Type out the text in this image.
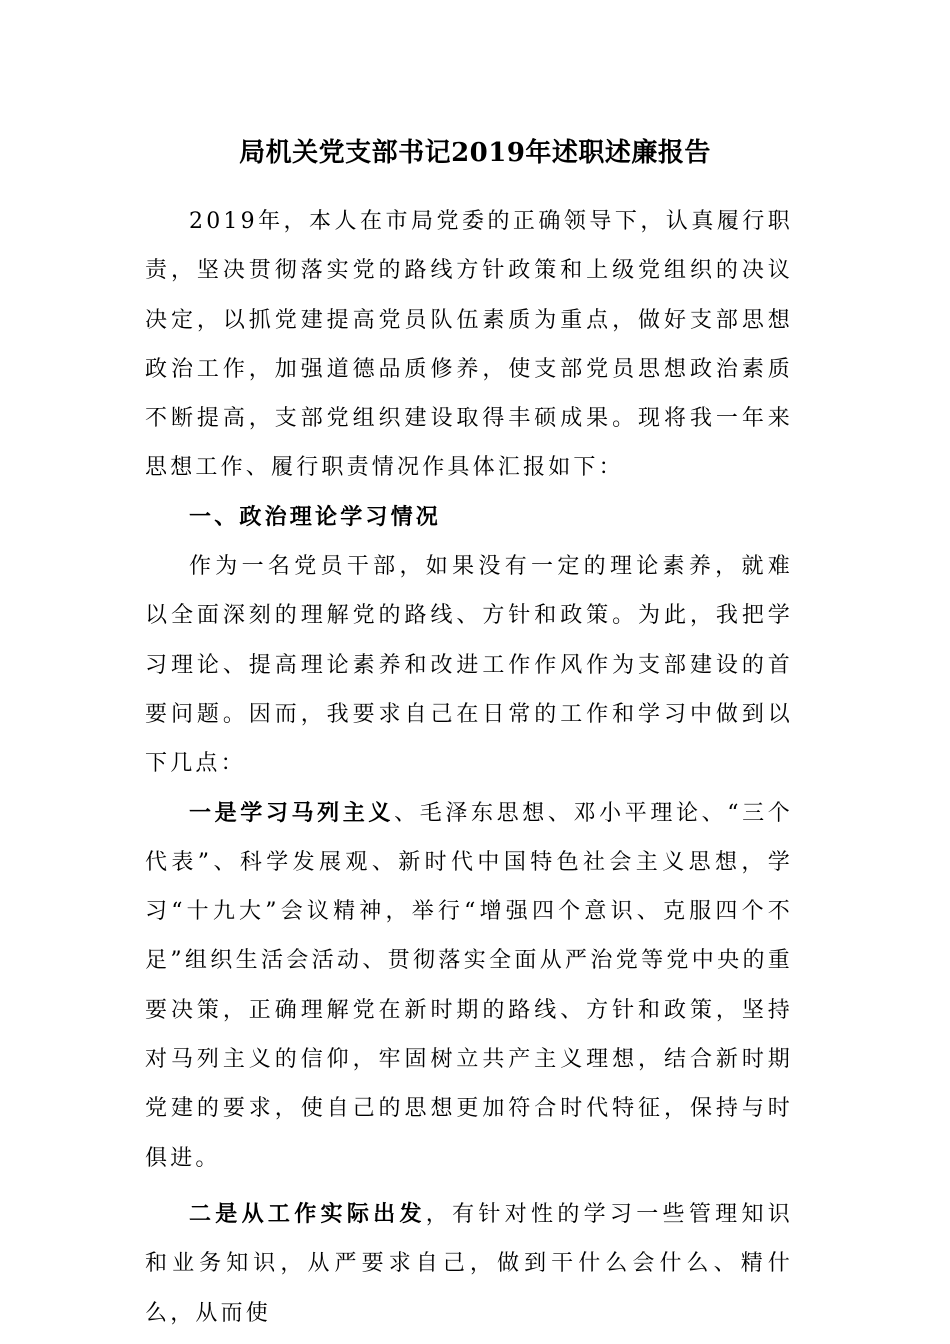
局机关党支部书记2019年述职述廉报告

2019年，本人在市局党委的正确领导下，认真履行职责，坚决贯彻落实党的路线方针政策和上级党组织的决议决定，以抓党建提高党员队伍素质为重点，做好支部思想政治工作，加强道德品质修养，使支部党员思想政治素质不断提高，支部党组织建设取得丰硕成果。现将我一年来思想工作、履行职责情况作具体汇报如下：

一、政治理论学习情况

作为一名党员干部，如果没有一定的理论素养，就难以全面深刻的理解党的路线、方针和政策。为此，我把学习理论、提高理论素养和改进工作作风作为支部建设的首要问题。因而，我要求自己在日常的工作和学习中做到以下几点：

一是学习马列主义、毛泽东思想、邓小平理论、“三个代表”、科学发展观、新时代中国特色社会主义思想，学习“十九大”会议精神，举行“增强四个意识、克服四个不足”组织生活会活动、贯彻落实全面从严治党等党中央的重要决策，正确理解党在新时期的路线、方针和政策，坚持对马列主义的信仰，牢固树立共产主义理想，结合新时期党建的要求，使自己的思想更加符合时代特征，保持与时俱进。

二是从工作实际出发，有针对性的学习一些管理知识和业务知识，从严要求自己，做到干什么会什么、精什么，从而使
